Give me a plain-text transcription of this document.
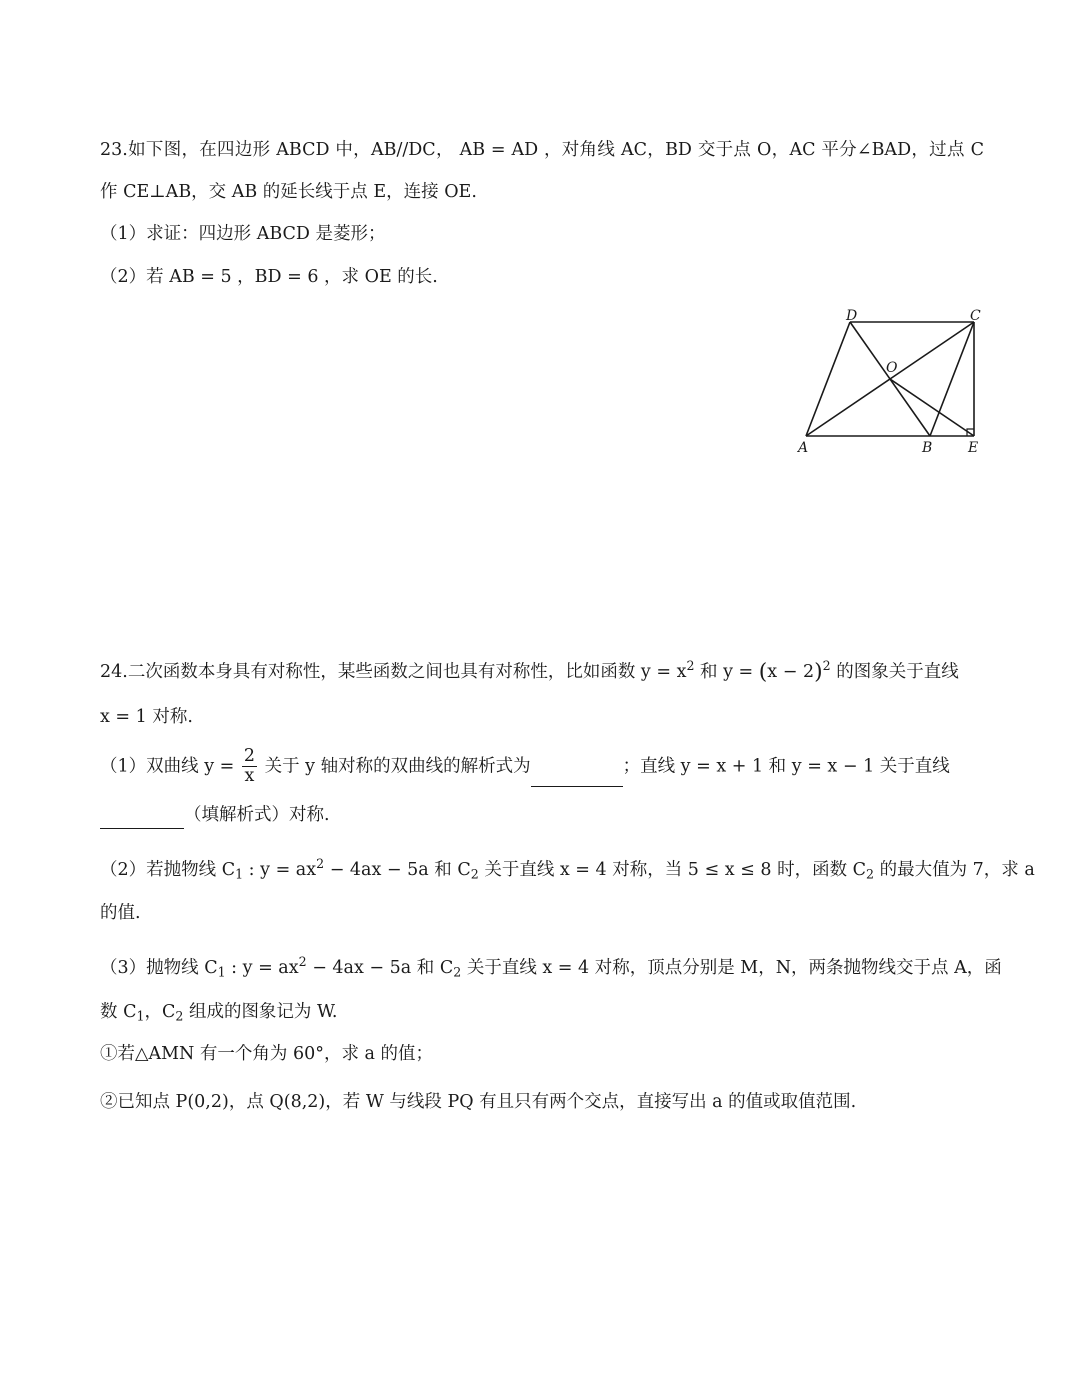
23.如下图，在四边形 ABCD 中，AB//DC， AB = AD ，对角线 AC，BD 交于点 O，AC 平分∠BAD，过点 C
作 CE⊥AB，交 AB 的延长线于点 E，连接 OE.
（1）求证：四边形 ABCD 是菱形；
（2）若 AB = 5 ，BD = 6 ，求 OE 的长.
D	C
O
A	B	E
24.二次函数本身具有对称性，某些函数之间也具有对称性，比如函数 $y = x^2$ 和 $y = (x - 2)^2$ 的图象关于直线
x = 1 对称.
（1）双曲线 $y = \frac{2}{x}$ 关于 y 轴对称的双曲线的解析式为	；直线 y = x + 1 和 y = x − 1 关于直线
（填解析式）对称.
（2）若抛物线 $C_1$ : $y = ax^2 - 4ax - 5a$ 和 $C_2$ 关于直线 x = 4 对称，当 5 ≤ x ≤ 8 时，函数 $C_2$ 的最大值为 7，求 a
的值.
（3）抛物线 $C_1$ : $y = ax^2 - 4ax - 5a$ 和 $C_2$ 关于直线 x = 4 对称，顶点分别是 M，N，两条抛物线交于点 A，函
数 $C_1$，$C_2$ 组成的图象记为 W.
①若△AMN 有一个角为 60°，求 a 的值；
②已知点 P(0,2)，点 Q(8,2)，若 W 与线段 PQ 有且只有两个交点，直接写出 a 的值或取值范围.
